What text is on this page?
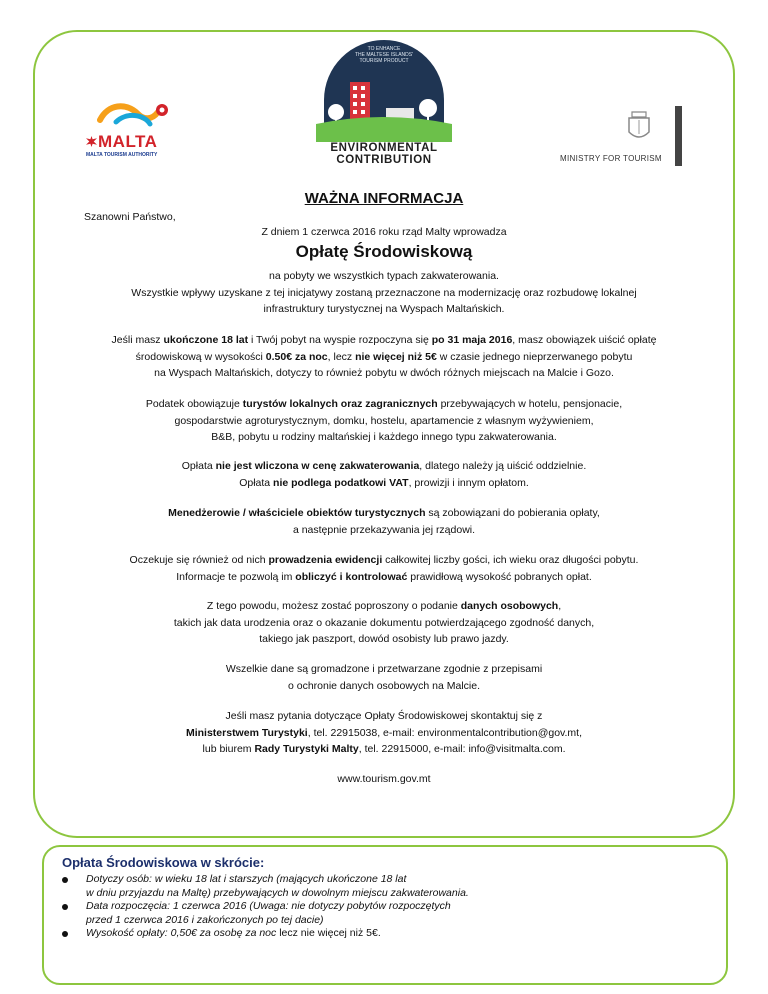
MALTA
MALTA TOURISM AUTHORITY
TO ENHANCE
THE MALTESE ISLANDS'
TOURISM PRODUCT
ENVIRONMENTAL
CONTRIBUTION	MINISTRY FOR TOURISM
WAŻNA INFORMACJA
Szanowni Państwo,
Z dniem 1 czerwca 2016 roku rząd Malty wprowadza
Opłatę Środowiskową
na pobyty we wszystkich typach zakwaterowania.
Wszystkie wpływy uzyskane z tej inicjatywy zostaną przeznaczone na modernizację oraz rozbudowę lokalnej
infrastruktury turystycznej na Wyspach Maltańskich.
Jeśli masz ukończone 18 lat i Twój pobyt na wyspie rozpoczyna się po 31 maja 2016, masz obowiązek uiścić opłatę
środowiskową w wysokości 0.50€ za noc, lecz nie więcej niż 5€ w czasie jednego nieprzerwanego pobytu
na Wyspach Maltańskich, dotyczy to również pobytu w dwóch różnych miejscach na Malcie i Gozo.
Podatek obowiązuje turystów lokalnych oraz zagranicznych przebywających w hotelu, pensjonacie,
gospodarstwie agroturystycznym, domku, hostelu, apartamencie z własnym wyżywieniem,
B&B, pobytu u rodziny maltańskiej i każdego innego typu zakwaterowania.
Opłata nie jest wliczona w cenę zakwaterowania, dlatego należy ją uiścić oddzielnie.
Opłata nie podlega podatkowi VAT, prowizji i innym opłatom.
Menedżerowie / właściciele obiektów turystycznych są zobowiązani do pobierania opłaty,
a następnie przekazywania jej rządowi.
Oczekuje się również od nich prowadzenia ewidencji całkowitej liczby gości, ich wieku oraz długości pobytu.
Informacje te pozwolą im obliczyć i kontrolować prawidłową wysokość pobranych opłat.
Z tego powodu, możesz zostać poproszony o podanie danych osobowych,
takich jak data urodzenia oraz o okazanie dokumentu potwierdzającego zgodność danych,
takiego jak paszport, dowód osobisty lub prawo jazdy.
Wszelkie dane są gromadzone i przetwarzane zgodnie z przepisami
o ochronie danych osobowych na Malcie.
Jeśli masz pytania dotyczące Opłaty Środowiskowej skontaktuj się z
Ministerstwem Turystyki, tel. 22915038, e-mail: environmentalcontribution@gov.mt,
lub biurem Rady Turystyki Malty, tel. 22915000, e-mail: info@visitmalta.com.
www.tourism.gov.mt
Opłata Środowiskowa w skrócie:
Dotyczy osób: w wieku 18 lat i starszych (mających ukończone 18 lat
w dniu przyjazdu na Maltę) przebywających w dowolnym miejscu zakwaterowania.
Data rozpoczęcia: 1 czerwca 2016 (Uwaga: nie dotyczy pobytów rozpoczętych
przed 1 czerwca 2016 i zakończonych po tej dacie)
Wysokość opłaty: 0,50€ za osobę za noc lecz nie więcej niż 5€.
